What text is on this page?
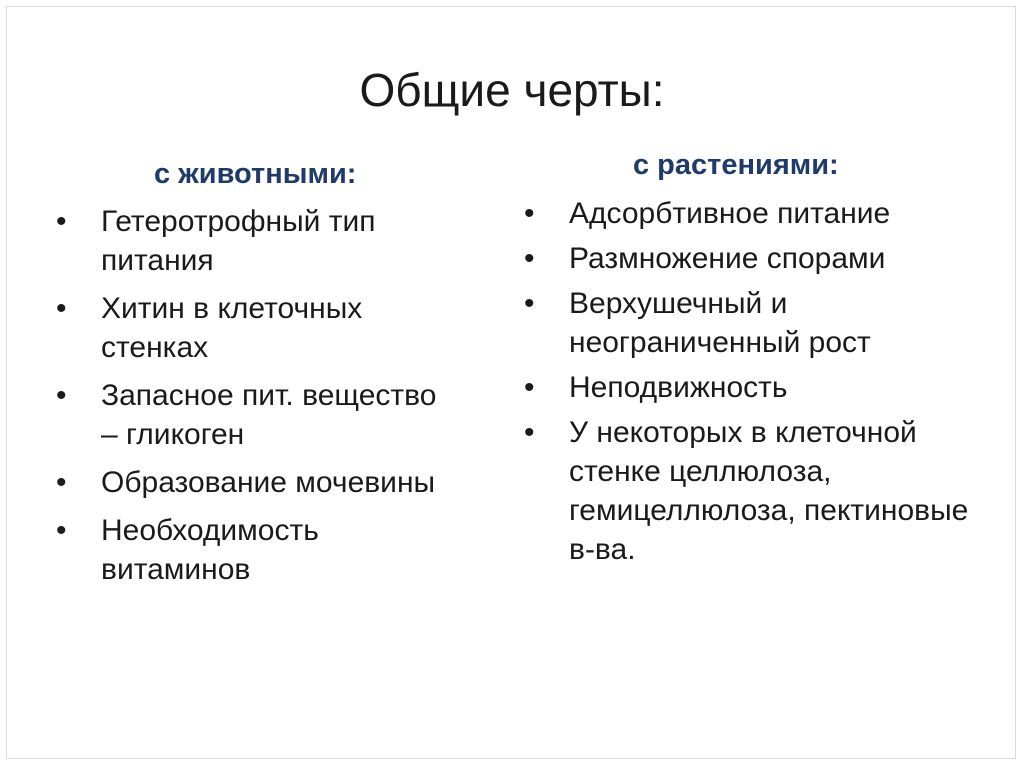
Общие черты:
с животными:	с растениями:
•
Гетеротрофный тип питания
•
Хитин в клеточных стенках
•
Запасное пит. вещество – гликоген
•
Образование мочевины
•
Необходимость витаминов
•
Адсорбтивное питание
•
Размножение спорами
•
Верхушечный и неограниченный рост
•
Неподвижность
•
У некоторых в клеточной стенке целлюлоза, гемицеллюлоза, пектиновые в-ва.
